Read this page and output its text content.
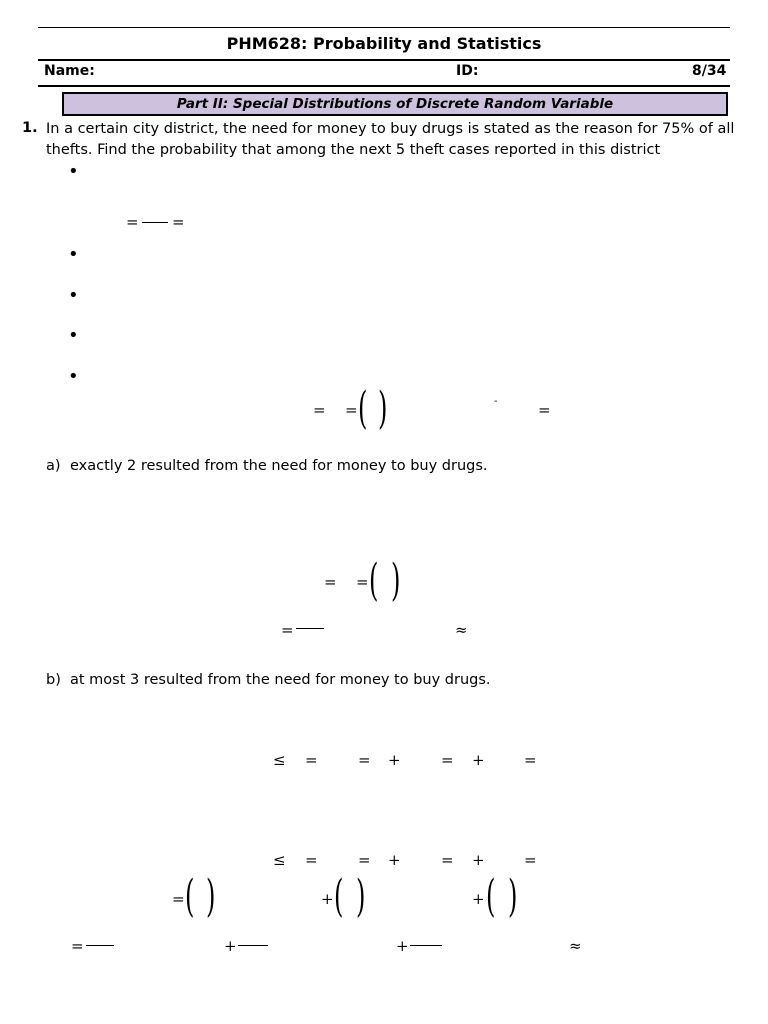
PHM628: Probability and Statistics
Name:	ID:	8/34
Part II: Special Distributions of Discrete Random Variable
1. In a certain city district, the need for money to buy drugs is stated as the reason for 75% of all thefts. Find the probability that among the next 5 theft cases reported in this district
•
•
•
•
•
= =
= = ( )	-	=
a) exactly 2 resulted from the need for money to buy drugs.
= = ( )
=	≈
b) at most 3 resulted from the need for money to buy drugs.
≤ =	= +	= +	=
≤ =	= +	= +	=
= ( )	+ ( )	+ ( )
=	+	+	≈
